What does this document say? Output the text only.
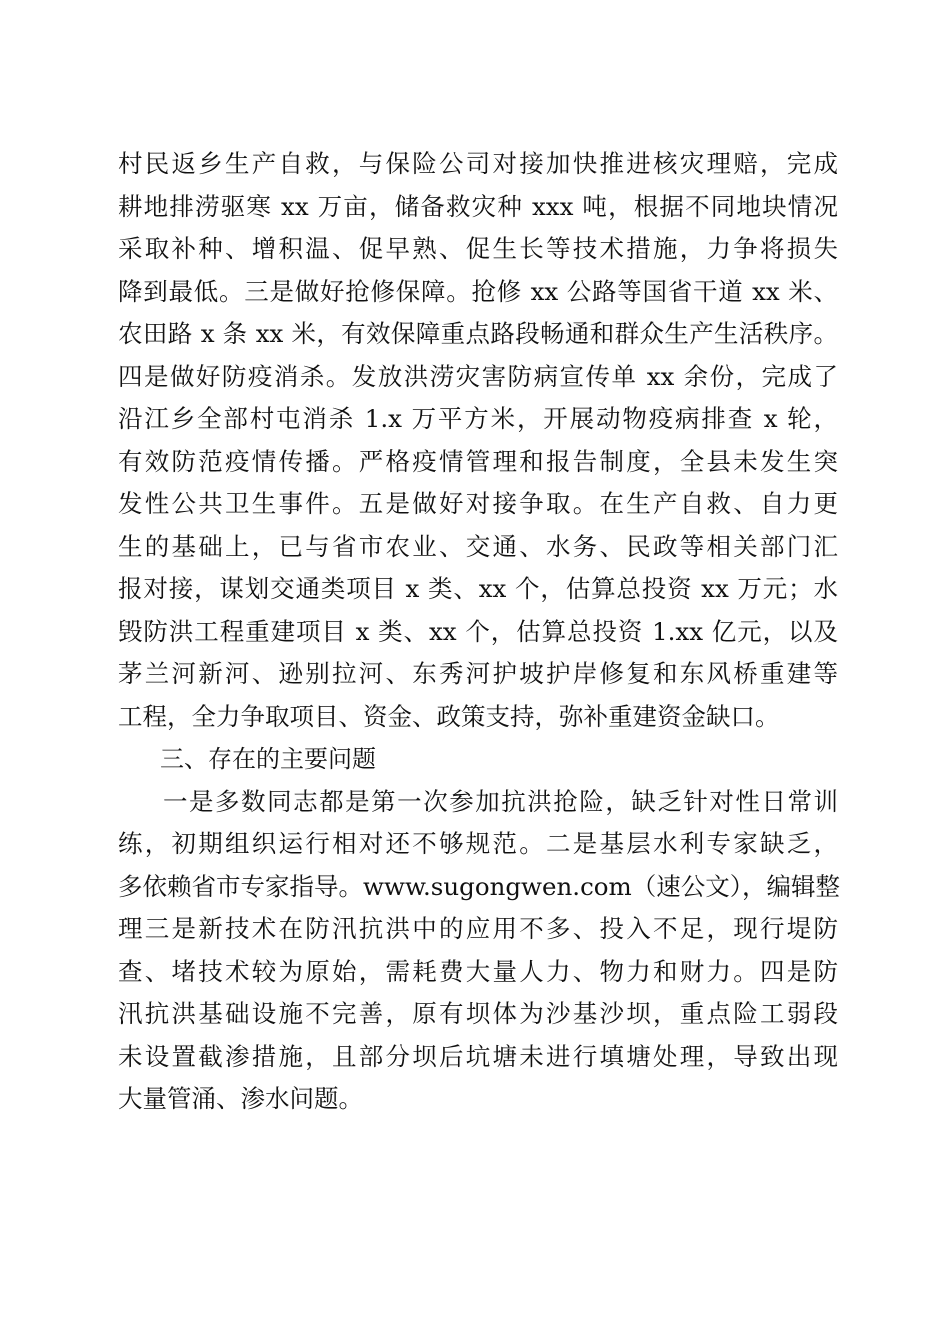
村民返乡生产自救，与保险公司对接加快推进核灾理赔，完成
耕地排涝驱寒 xx 万亩，储备救灾种 xxx 吨，根据不同地块情况
采取补种、增积温、促早熟、促生长等技术措施，力争将损失
降到最低。三是做好抢修保障。抢修 xx 公路等国省干道 xx 米、
农田路 x 条 xx 米，有效保障重点路段畅通和群众生产生活秩序。
四是做好防疫消杀。发放洪涝灾害防病宣传单 xx 余份，完成了
沿江乡全部村屯消杀 1.x 万平方米，开展动物疫病排查 x 轮，
有效防范疫情传播。严格疫情管理和报告制度，全县未发生突
发性公共卫生事件。五是做好对接争取。在生产自救、自力更
生的基础上，已与省市农业、交通、水务、民政等相关部门汇
报对接，谋划交通类项目 x 类、xx 个，估算总投资 xx 万元；水
毁防洪工程重建项目 x 类、xx 个，估算总投资 1.xx 亿元，以及
茅兰河新河、逊别拉河、东秀河护坡护岸修复和东风桥重建等
工程，全力争取项目、资金、政策支持，弥补重建资金缺口。
三、存在的主要问题
一是多数同志都是第一次参加抗洪抢险，缺乏针对性日常训
练，初期组织运行相对还不够规范。二是基层水利专家缺乏，
多依赖省市专家指导。www.sugongwen.com（速公文），编辑整
理三是新技术在防汛抗洪中的应用不多、投入不足，现行堤防
查、堵技术较为原始，需耗费大量人力、物力和财力。四是防
汛抗洪基础设施不完善，原有坝体为沙基沙坝，重点险工弱段
未设置截渗措施，且部分坝后坑塘未进行填塘处理，导致出现
大量管涌、渗水问题。
